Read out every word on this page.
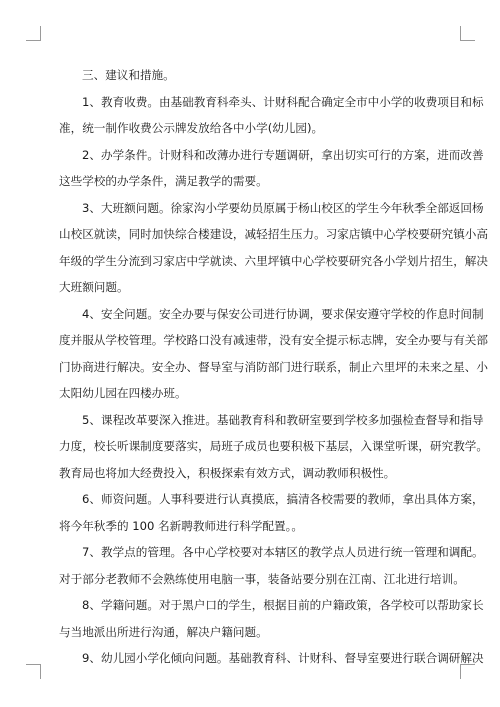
三、建议和措施。
1、教育收费。由基础教育科牵头、计财科配合确定全市中小学的收费项目和标
准，统一制作收费公示牌发放给各中小学(幼儿园)。
2、办学条件。计财科和改薄办进行专题调研，拿出切实可行的方案，进而改善
这些学校的办学条件，满足教学的需要。
3、大班额问题。徐家沟小学要幼员原属于杨山校区的学生今年秋季全部返回杨
山校区就读，同时加快综合楼建设，减轻招生压力。习家店镇中心学校要研究镇小高
年级的学生分流到习家店中学就读、六里坪镇中心学校要研究各小学划片招生，解决
大班额问题。
4、安全问题。安全办要与保安公司进行协调，要求保安遵守学校的作息时间制
度并服从学校管理。学校路口没有减速带，没有安全提示标志牌，安全办要与有关部
门协商进行解决。安全办、督导室与消防部门进行联系，制止六里坪的未来之星、小
太阳幼儿园在四楼办班。
5、课程改革要深入推进。基础教育科和教研室要到学校多加强检查督导和指导
力度，校长听课制度要落实，局班子成员也要积极下基层，入课堂听课，研究教学。
教育局也将加大经费投入，积极探索有效方式，调动教师积极性。
6、师资问题。人事科要进行认真摸底，搞清各校需要的教师，拿出具体方案，
将今年秋季的 100 名新聘教师进行科学配置。。
7、教学点的管理。各中心学校要对本辖区的教学点人员进行统一管理和调配。
对于部分老教师不会熟练使用电脑一事，装备站要分别在江南、江北进行培训。
8、学籍问题。对于黑户口的学生，根据目前的户籍政策，各学校可以帮助家长
与当地派出所进行沟通，解决户籍问题。
9、幼儿园小学化倾向问题。基础教育科、计财科、督导室要进行联合调研解决
